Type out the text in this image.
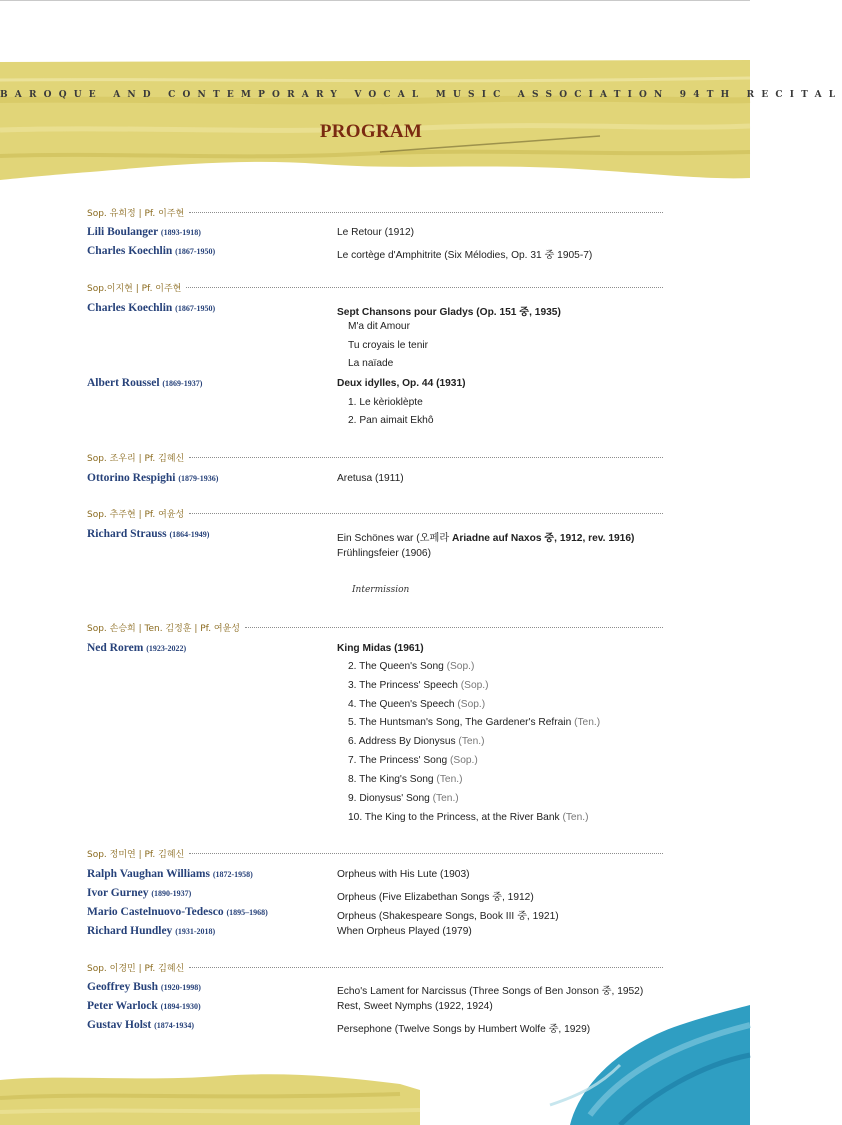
BAROQUE AND CONTEMPORARY VOCAL MUSIC ASSOCIATION 94TH RECITAL
PROGRAM
Sop. 유희정 | Pf. 이주현
Lili Boulanger (1893-1918)	Le Retour (1912)
Charles Koechlin (1867-1950)	Le cortège d'Amphitrite (Six Mélodies, Op. 31 중 1905-7)
Sop.이지현 | Pf. 이주현
Charles Koechlin (1867-1950)	Sept Chansons pour Gladys (Op. 151 중, 1935)
M'a dit Amour
Tu croyais le tenir
La naïade
Albert Roussel (1869-1937)	Deux idylles, Op. 44 (1931)
1. Le kèrioklèpte
2. Pan aimait Ekhô
Sop. 조우리 | Pf. 김혜신
Ottorino Respighi (1879-1936)	Aretusa (1911)
Sop. 추주현 | Pf. 여윤성
Richard Strauss (1864-1949)	Ein Schönes war (오페라 Ariadne auf Naxos 중, 1912, rev. 1916)
Frühlingsfeier (1906)
Intermission
Sop. 손승희 | Ten. 김정훈 | Pf. 여윤성
Ned Rorem (1923-2022)	King Midas (1961)
2. The Queen's Song (Sop.)
3. The Princess' Speech (Sop.)
4. The Queen's Speech (Sop.)
5. The Huntsman's Song, The Gardener's Refrain (Ten.)
6. Address By Dionysus (Ten.)
7. The Princess' Song (Sop.)
8. The King's Song (Ten.)
9. Dionysus' Song (Ten.)
10. The King to the Princess, at the River Bank (Ten.)
Sop. 정미연 | Pf. 김혜신
Ralph Vaughan Williams (1872-1958)	Orpheus with His Lute (1903)
Ivor Gurney (1890-1937)	Orpheus (Five Elizabethan Songs 중, 1912)
Mario Castelnuovo-Tedesco (1895–1968)	Orpheus (Shakespeare Songs, Book III 중, 1921)
Richard Hundley (1931-2018)	When Orpheus Played (1979)
Sop. 이경민 | Pf. 김혜신
Geoffrey Bush (1920-1998)	Echo's Lament for Narcissus (Three Songs of Ben Jonson 중, 1952)
Peter Warlock (1894-1930)	Rest, Sweet Nymphs (1922, 1924)
Gustav Holst (1874-1934)	Persephone (Twelve Songs by Humbert Wolfe 중, 1929)
